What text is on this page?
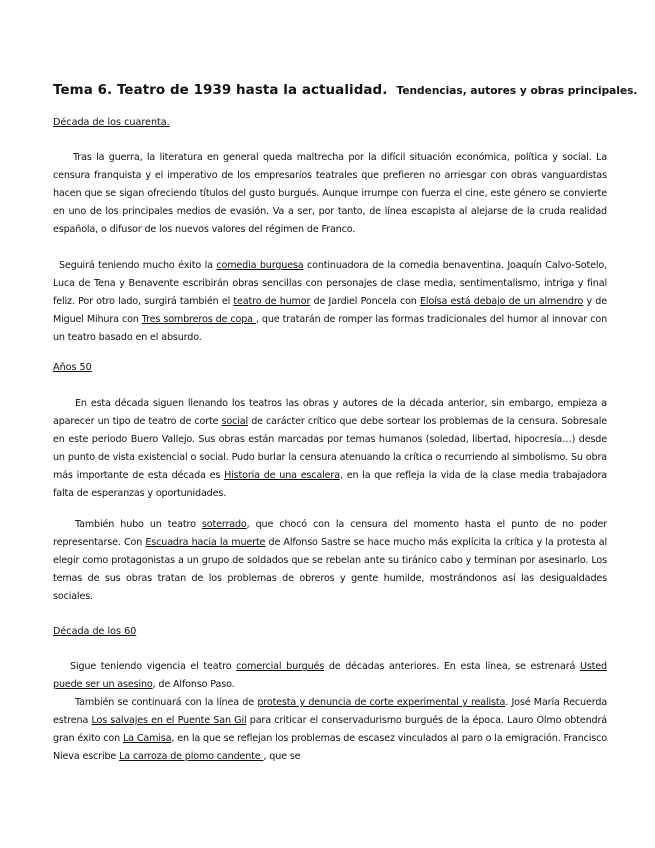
Tema 6. Teatro de 1939 hasta la actualidad. Tendencias, autores y obras principales.

Década de los cuarenta.

Tras la guerra, la literatura en general queda maltrecha por la difícil situación económica, política y social. La censura franquista y el imperativo de los empresarios teatrales que prefieren no arriesgar con obras vanguardistas hacen que se sigan ofreciendo títulos del gusto burgués. Aunque irrumpe con fuerza el cine, este género se convierte en uno de los principales medios de evasión. Va a ser, por tanto, de línea escapista al alejarse de la cruda realidad española, o difusor de los nuevos valores del régimen de Franco.

Seguirá teniendo mucho éxito la comedia burguesa continuadora de la comedia benaventina. Joaquín Calvo-Sotelo, Luca de Tena y Benavente escribirán obras sencillas con personajes de clase media, sentimentalismo, intriga y final feliz. Por otro lado, surgirá también el teatro de humor de Jardiel Poncela con Eloísa está debajo de un almendro y de Miguel Mihura con Tres sombreros de copa , que tratarán de romper las formas tradicionales del humor al innovar con un teatro basado en el absurdo.

Años 50

En esta década siguen llenando los teatros las obras y autores de la década anterior, sin embargo, empieza a aparecer un tipo de teatro de corte social de carácter crítico que debe sortear los problemas de la censura. Sobresale en este periodo Buero Vallejo. Sus obras están marcadas por temas humanos (soledad, libertad, hipocresía…) desde un punto de vista existencial o social. Pudo burlar la censura atenuando la crítica o recurriendo al simbolismo. Su obra más importante de esta década es Historia de una escalera, en la que refleja la vida de la clase media trabajadora falta de esperanzas y oportunidades.

También hubo un teatro soterrado, que chocó con la censura del momento hasta el punto de no poder representarse. Con Escuadra hacia la muerte de Alfonso Sastre se hace mucho más explícita la crítica y la protesta al elegir como protagonistas a un grupo de soldados que se rebelan ante su tiránico cabo y terminan por asesinarlo. Los temas de sus obras tratan de los problemas de obreros y gente humilde, mostrándonos así las desigualdades sociales.

Década de los 60

Sigue teniendo vigencia el teatro comercial burgués de décadas anteriores. En esta línea, se estrenará Usted puede ser un asesino, de Alfonso Paso.

También se continuará con la línea de protesta y denuncia de corte experimental y realista. José María Recuerda estrena Los salvajes en el Puente San Gil para criticar el conservadurismo burgués de la época. Lauro Olmo obtendrá gran éxito con La Camisa, en la que se reflejan los problemas de escasez vinculados al paro o la emigración. Francisco Nieva escribe La carroza de plomo candente , que se
